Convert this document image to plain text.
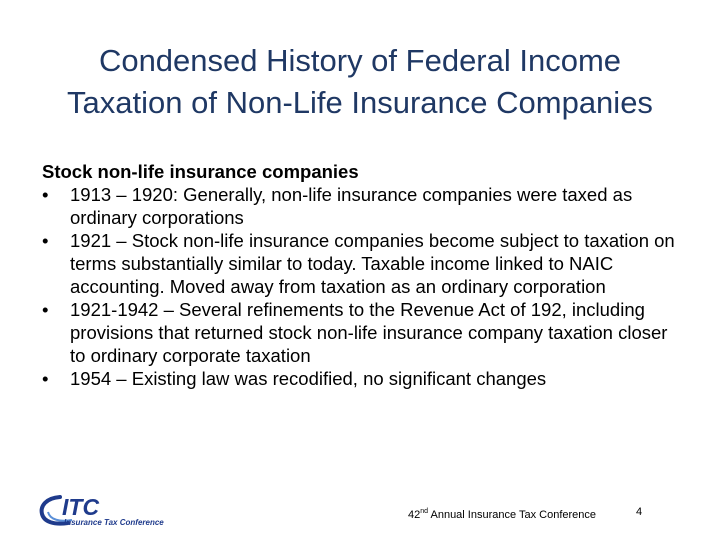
Condensed History of Federal Income
Taxation of Non-Life Insurance Companies
Stock non-life insurance companies
•	1913 – 1920: Generally, non-life insurance companies were taxed as ordinary corporations
•	1921 – Stock non-life insurance companies become subject to taxation on terms substantially similar to today. Taxable income linked to NAIC accounting. Moved away from taxation as an ordinary corporation
•	1921-1942 – Several refinements to the Revenue Act of 192, including provisions that returned stock non-life insurance company taxation closer to ordinary corporate taxation
•	1954 – Existing law was recodified, no significant changes
ITC
Insurance Tax Conference
42nd Annual Insurance Tax Conference	4
